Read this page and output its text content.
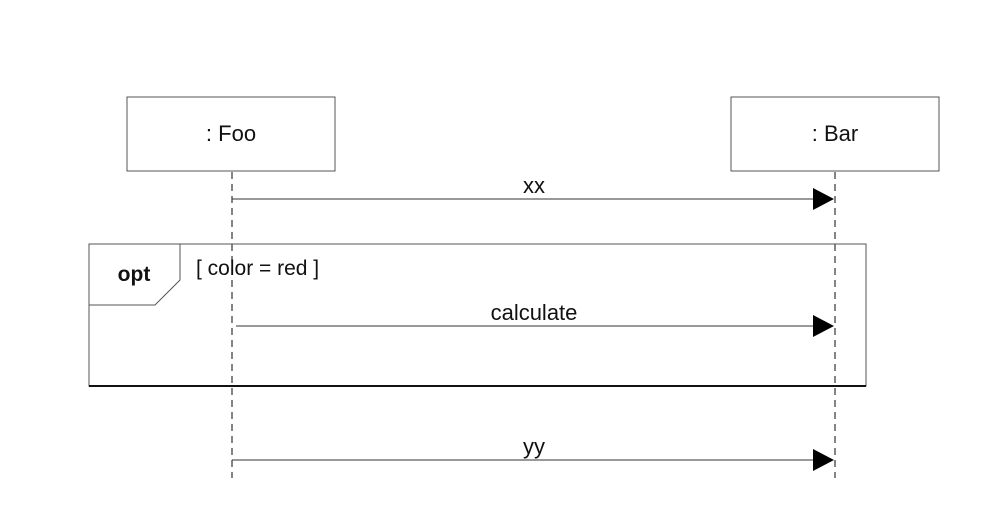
: Foo	: Bar
xx
opt [ color = red ]
calculate
yy
